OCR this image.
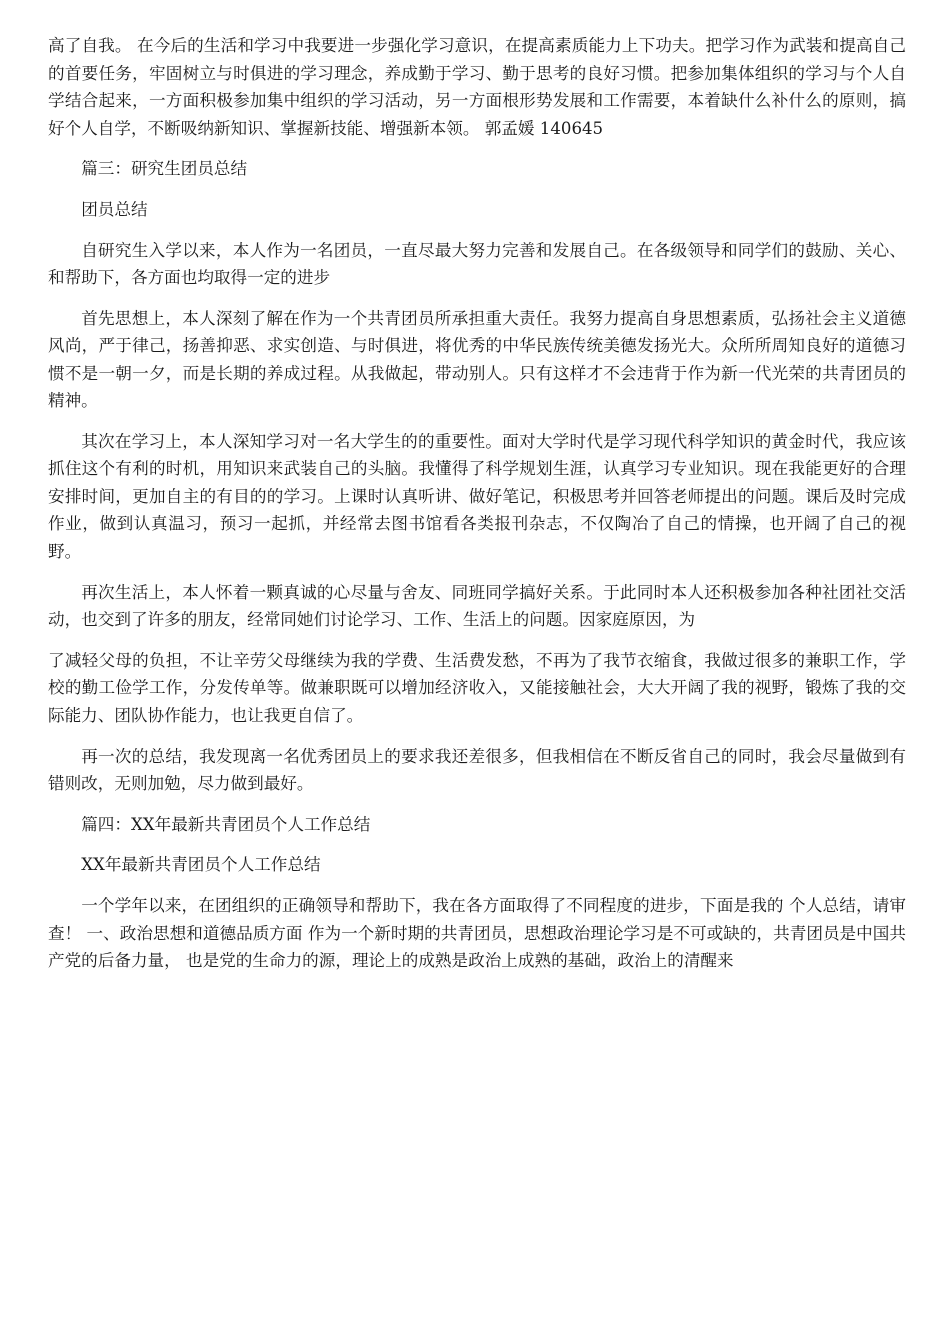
高了自我。 在今后的生活和学习中我要进一步强化学习意识，在提高素质能力上下功夫。把学习作为武装和提高自己的首要任务，牢固树立与时俱进的学习理念，养成勤于学习、勤于思考的良好习惯。把参加集体组织的学习与个人自学结合起来，一方面积极参加集中组织的学习活动，另一方面根形势发展和工作需要，本着缺什么补什么的原则，搞好个人自学，不断吸纳新知识、掌握新技能、增强新本领。 郭孟媛 140645

篇三：研究生团员总结

团员总结

自研究生入学以来，本人作为一名团员，一直尽最大努力完善和发展自己。在各级领导和同学们的鼓励、关心、和帮助下，各方面也均取得一定的进步

首先思想上，本人深刻了解在作为一个共青团员所承担重大责任。我努力提高自身思想素质，弘扬社会主义道德风尚，严于律己，扬善抑恶、求实创造、与时俱进，将优秀的中华民族传统美德发扬光大。众所所周知良好的道德习惯不是一朝一夕，而是长期的养成过程。从我做起，带动别人。只有这样才不会违背于作为新一代光荣的共青团员的精神。

其次在学习上，本人深知学习对一名大学生的的重要性。面对大学时代是学习现代科学知识的黄金时代，我应该抓住这个有利的时机，用知识来武装自己的头脑。我懂得了科学规划生涯，认真学习专业知识。现在我能更好的合理安排时间，更加自主的有目的的学习。上课时认真听讲、做好笔记，积极思考并回答老师提出的问题。课后及时完成作业，做到认真温习，预习一起抓，并经常去图书馆看各类报刊杂志，不仅陶冶了自己的情操，也开阔了自己的视野。

再次生活上，本人怀着一颗真诚的心尽量与舍友、同班同学搞好关系。于此同时本人还积极参加各种社团社交活动，也交到了许多的朋友，经常同她们讨论学习、工作、生活上的问题。因家庭原因，为

了减轻父母的负担，不让辛劳父母继续为我的学费、生活费发愁，不再为了我节衣缩食，我做过很多的兼职工作，学校的勤工俭学工作，分发传单等。做兼职既可以增加经济收入，又能接触社会，大大开阔了我的视野，锻炼了我的交际能力、团队协作能力，也让我更自信了。

再一次的总结，我发现离一名优秀团员上的要求我还差很多，但我相信在不断反省自己的同时，我会尽量做到有错则改，无则加勉，尽力做到最好。

篇四：XX年最新共青团员个人工作总结

XX年最新共青团员个人工作总结

一个学年以来，在团组织的正确领导和帮助下，我在各方面取得了不同程度的进步，下面是我的 个人总结，请审查！ 一、政治思想和道德品质方面 作为一个新时期的共青团员，思想政治理论学习是不可或缺的，共青团员是中国共产党的后备力量， 也是党的生命力的源，理论上的成熟是政治上成熟的基础，政治上的清醒来
